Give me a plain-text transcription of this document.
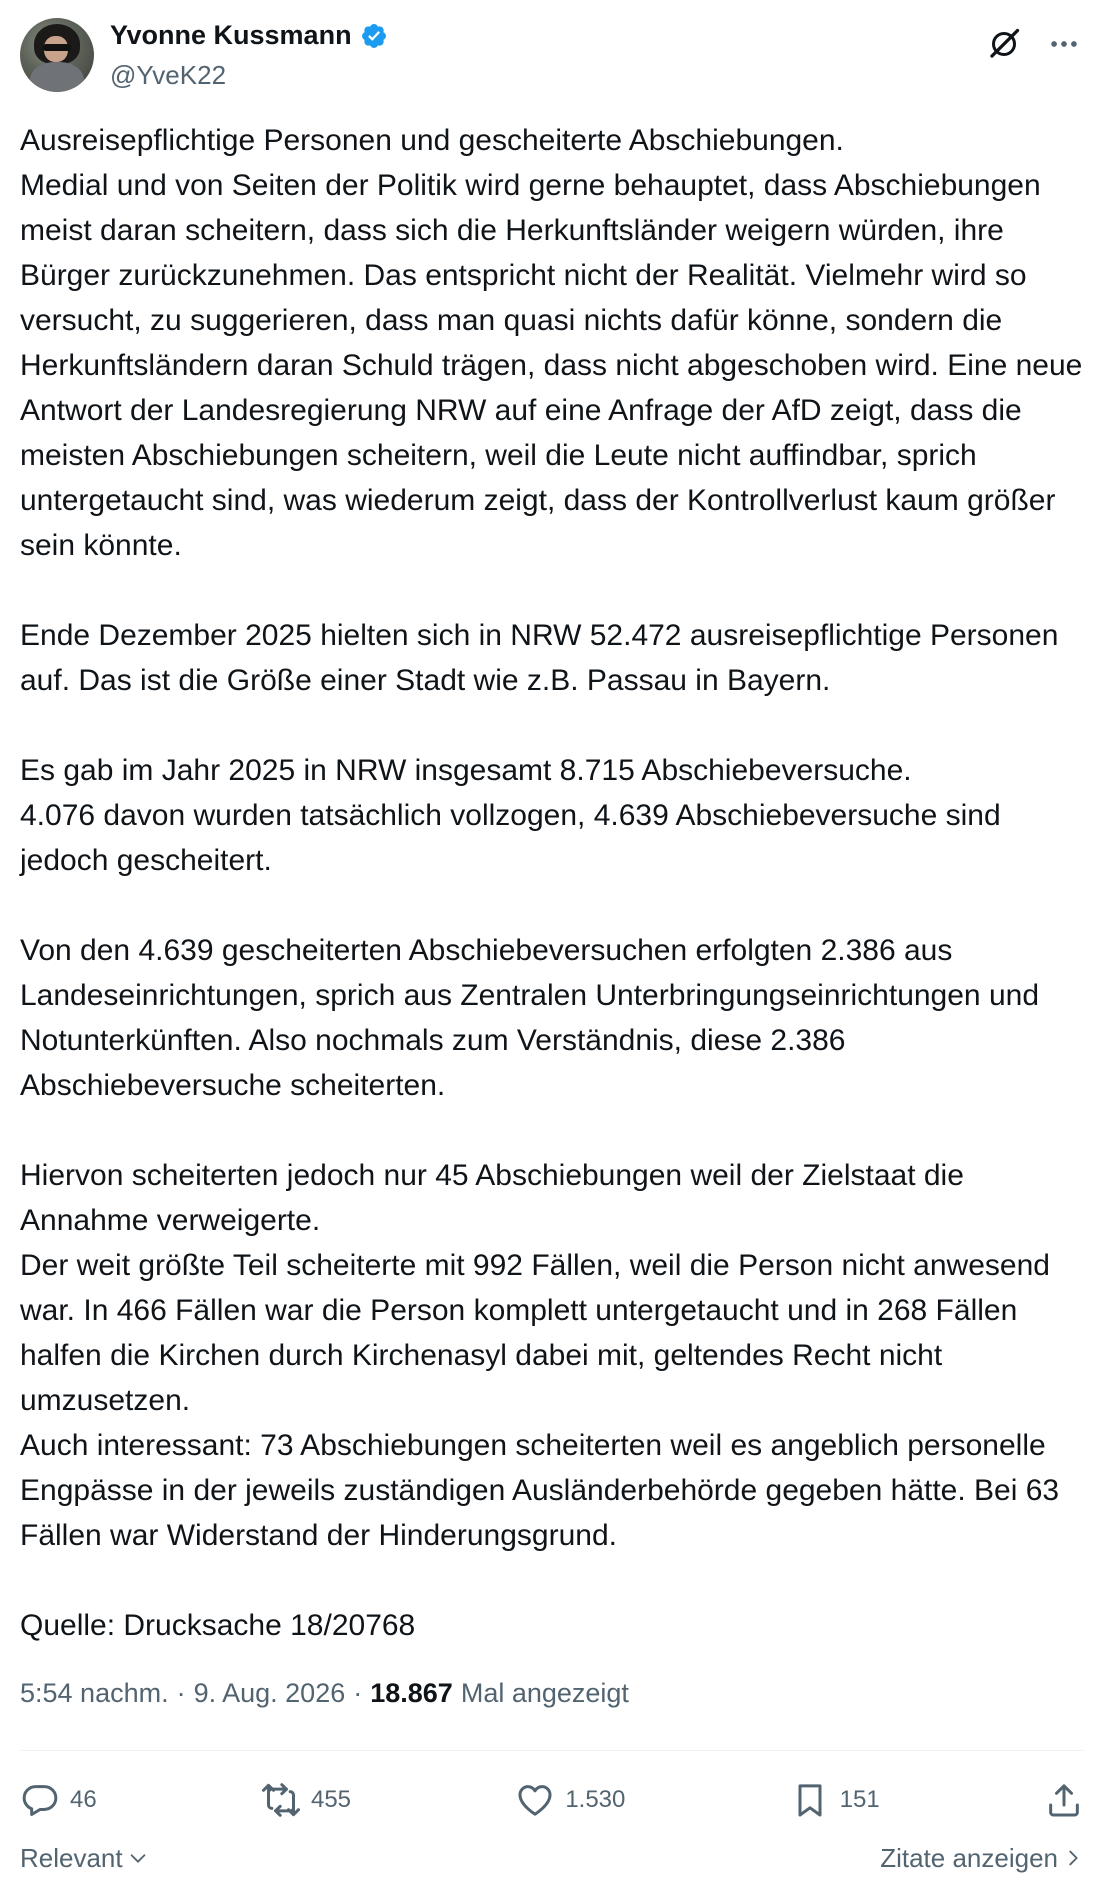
Yvonne Kussmann
@YveK22

Ausreisepflichtige Personen und gescheiterte Abschiebungen.

Medial und von Seiten der Politik wird gerne behauptet, dass Abschiebungen meist daran scheitern, dass sich die Herkunftsländer weigern würden, ihre Bürger zurückzunehmen. Das entspricht nicht der Realität. Vielmehr wird so versucht, zu suggerieren, dass man quasi nichts dafür könne, sondern die Herkunftsländern daran Schuld trägen, dass nicht abgeschoben wird. Eine neue Antwort der Landesregierung NRW auf eine Anfrage der AfD zeigt, dass die meisten Abschiebungen scheitern, weil die Leute nicht auffindbar, sprich untergetaucht sind, was wiederum zeigt, dass der Kontrollverlust kaum größer sein könnte.

Ende Dezember 2025 hielten sich in NRW 52.472 ausreisepflichtige Personen auf. Das ist die Größe einer Stadt wie z.B. Passau in Bayern.

Es gab im Jahr 2025 in NRW insgesamt 8.715 Abschiebeversuche.

4.076 davon wurden tatsächlich vollzogen, 4.639 Abschiebeversuche sind jedoch gescheitert.

Von den 4.639 gescheiterten Abschiebeversuchen erfolgten 2.386 aus Landeseinrichtungen, sprich aus Zentralen Unterbringungseinrichtungen und Notunterkünften. Also nochmals zum Verständnis, diese 2.386 Abschiebeversuche scheiterten.

Hiervon scheiterten jedoch nur 45 Abschiebungen weil der Zielstaat die Annahme verweigerte.

Der weit größte Teil scheiterte mit 992 Fällen, weil die Person nicht anwesend war. In 466 Fällen war die Person komplett untergetaucht und in 268 Fällen halfen die Kirchen durch Kirchenasyl dabei mit, geltendes Recht nicht umzusetzen.

Auch interessant: 73 Abschiebungen scheiterten weil es angeblich personelle Engpässe in der jeweils zuständigen Ausländerbehörde gegeben hätte. Bei 63 Fällen war Widerstand der Hinderungsgrund.

Quelle: Drucksache 18/20768

5:54 nachm. · 9. Aug. 2026 · 18.867 Mal angezeigt
46	455	1.530	151
Relevant	Zitate anzeigen
